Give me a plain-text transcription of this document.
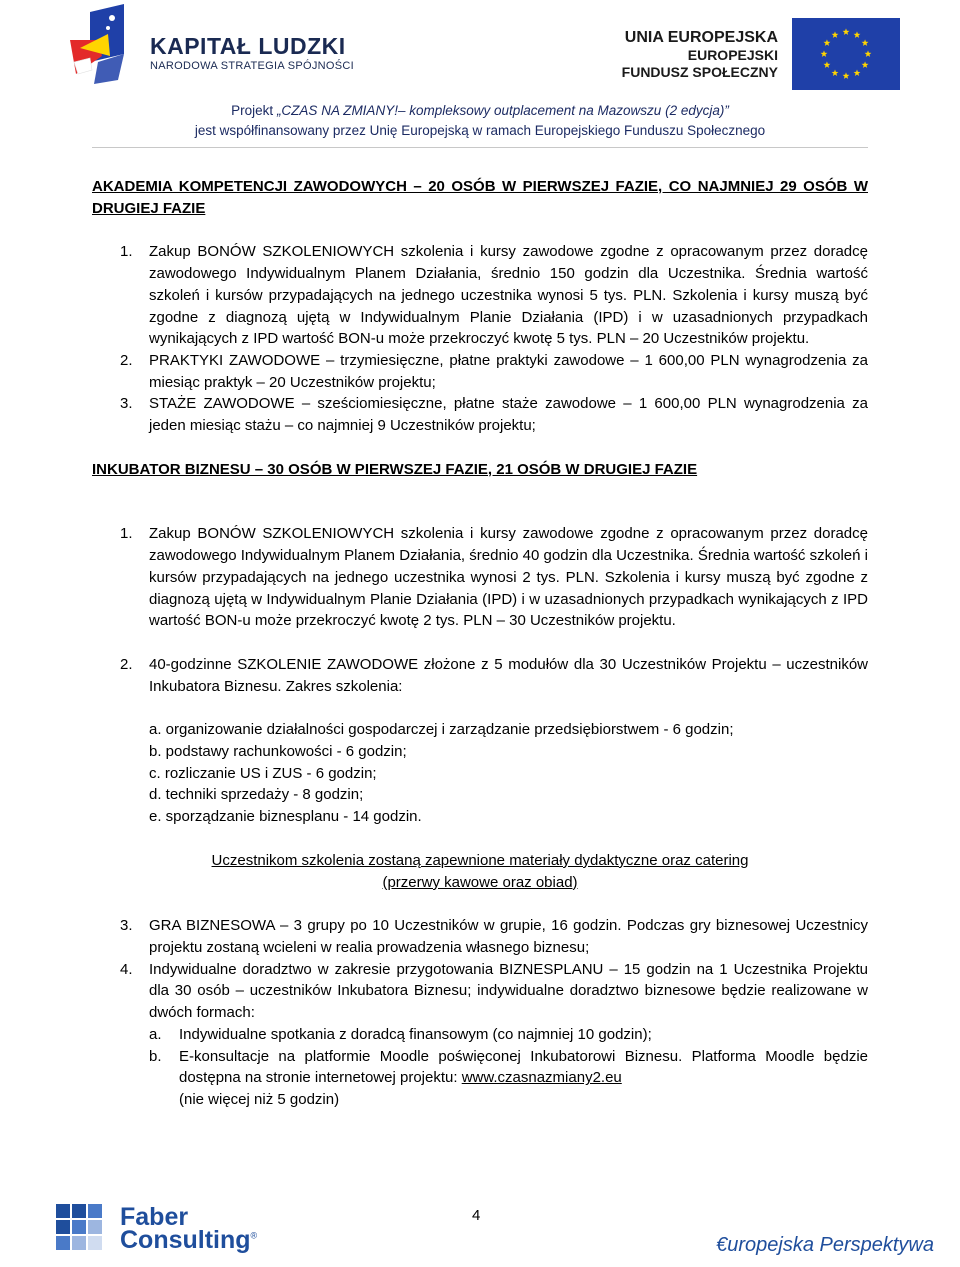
KAPITAŁ LUDZKI
NARODOWA STRATEGIA SPÓJNOŚCI
UNIA EUROPEJSKA
EUROPEJSKI
FUNDUSZ SPOŁECZNY
Projekt „CZAS NA ZMIANY!– kompleksowy outplacement na Mazowszu (2 edycja)”
jest współfinansowany przez Unię Europejską w ramach Europejskiego Funduszu Społecznego

AKADEMIA KOMPETENCJI ZAWODOWYCH – 20 OSÓB W PIERWSZEJ FAZIE, CO NAJMNIEJ 29 OSÓB W DRUGIEJ FAZIE

1. Zakup BONÓW SZKOLENIOWYCH szkolenia i kursy zawodowe zgodne z opracowanym przez doradcę zawodowego Indywidualnym Planem Działania, średnio 150 godzin dla Uczestnika. Średnia wartość szkoleń i kursów przypadających na jednego uczestnika wynosi 5 tys. PLN. Szkolenia i kursy muszą być zgodne z diagnozą ujętą w Indywidualnym Planie Działania (IPD) i w uzasadnionych przypadkach wynikających z IPD wartość BON-u może przekroczyć kwotę 5 tys. PLN – 20 Uczestników projektu.
2. PRAKTYKI ZAWODOWE – trzymiesięczne, płatne praktyki zawodowe – 1 600,00 PLN wynagrodzenia za miesiąc praktyk – 20 Uczestników projektu;
3. STAŻE ZAWODOWE – sześciomiesięczne, płatne staże zawodowe – 1 600,00 PLN wynagrodzenia za jeden miesiąc stażu – co najmniej 9 Uczestników projektu;

INKUBATOR BIZNESU – 30 OSÓB W PIERWSZEJ FAZIE, 21 OSÓB W DRUGIEJ FAZIE

1. Zakup BONÓW SZKOLENIOWYCH szkolenia i kursy zawodowe zgodne z opracowanym przez doradcę zawodowego Indywidualnym Planem Działania, średnio 40 godzin dla Uczestnika. Średnia wartość szkoleń i kursów przypadających na jednego uczestnika wynosi 2 tys. PLN. Szkolenia i kursy muszą być zgodne z diagnozą ujętą w Indywidualnym Planie Działania (IPD) i w uzasadnionych przypadkach wynikających z IPD wartość BON-u może przekroczyć kwotę 2 tys. PLN – 30 Uczestników projektu.
2. 40-godzinne SZKOLENIE ZAWODOWE złożone z 5 modułów dla 30 Uczestników Projektu – uczestników Inkubatora Biznesu. Zakres szkolenia:
a. organizowanie działalności gospodarczej i zarządzanie przedsiębiorstwem - 6 godzin;
b. podstawy rachunkowości - 6 godzin;
c. rozliczanie US i ZUS - 6 godzin;
d. techniki sprzedaży - 8 godzin;
e. sporządzanie biznesplanu - 14 godzin.
Uczestnikom szkolenia zostaną zapewnione materiały dydaktyczne oraz catering
(przerwy kawowe oraz obiad)
3. GRA BIZNESOWA – 3 grupy po 10 Uczestników w grupie, 16 godzin. Podczas gry biznesowej Uczestnicy projektu zostaną wcieleni w realia prowadzenia własnego biznesu;
4. Indywidualne doradztwo w zakresie przygotowania BIZNESPLANU – 15 godzin na 1 Uczestnika Projektu dla 30 osób – uczestników Inkubatora Biznesu; indywidualne doradztwo biznesowe będzie realizowane w dwóch formach:
a. Indywidualne spotkania z doradcą finansowym (co najmniej 10 godzin);
b. E-konsultacje na platformie Moodle poświęconej Inkubatorowi Biznesu. Platforma Moodle będzie dostępna na stronie internetowej projektu: www.czasnazmiany2.eu
(nie więcej niż 5 godzin)
Faber
Consulting®
4
€uropejska Perspektywa
